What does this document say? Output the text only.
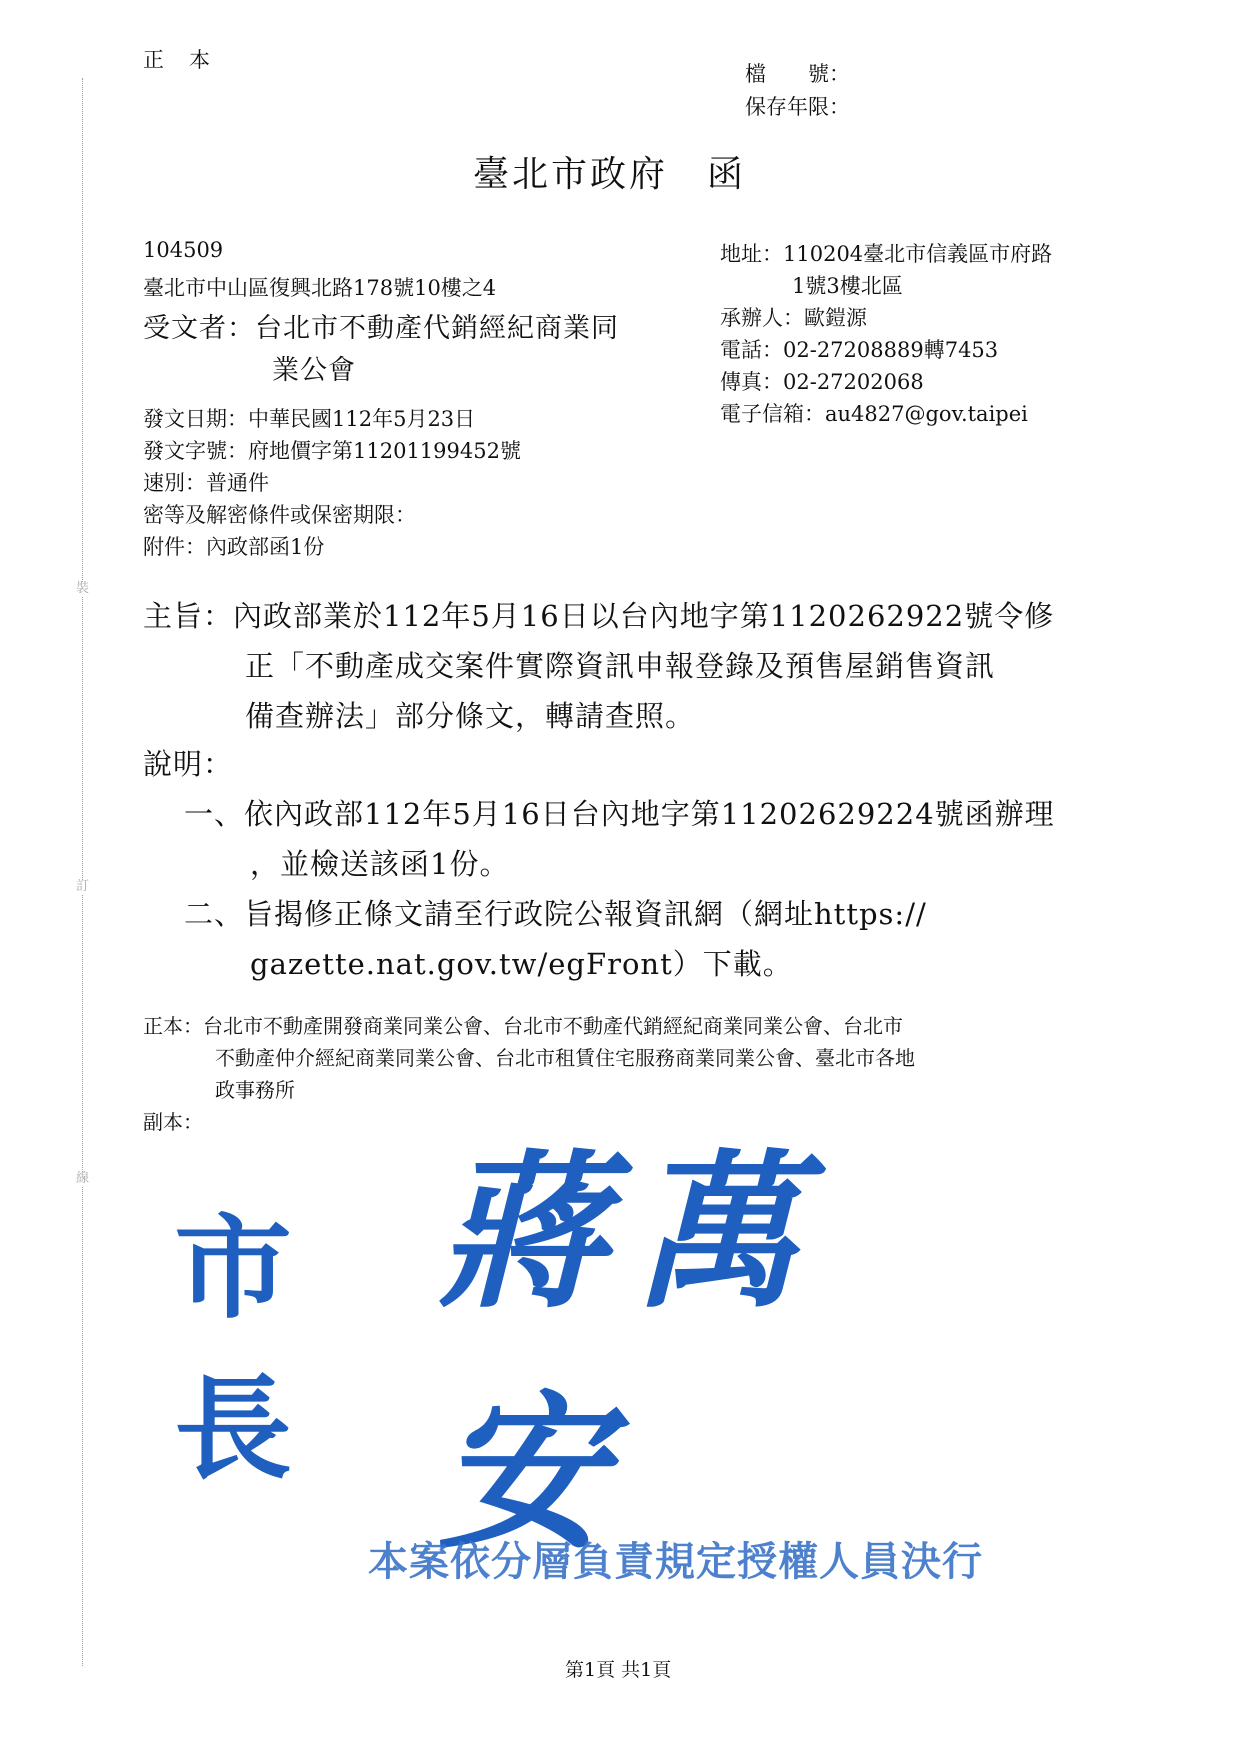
裝
訂
線
正　本
檔　　號：
保存年限：
臺北市政府　函
104509
臺北市中山區復興北路178號10樓之4
受文者：台北市不動產代銷經紀商業同
業公會
地址：110204臺北市信義區市府路
1號3樓北區
承辦人：歐鎧源
電話：02-27208889轉7453
傳真：02-27202068
電子信箱：au4827@gov.taipei
發文日期：中華民國112年5月23日
發文字號：府地價字第11201199452號
速別：普通件
密等及解密條件或保密期限：
附件：內政部函1份
主旨：內政部業於112年5月16日以台內地字第1120262922號令修
正「不動產成交案件實際資訊申報登錄及預售屋銷售資訊
備查辦法」部分條文，轉請查照。
說明：
一、依內政部112年5月16日台內地字第11202629224號函辦理
，並檢送該函1份。
二、旨揭修正條文請至行政院公報資訊網（網址https://
gazette.nat.gov.tw/egFront）下載。
正本：台北市不動產開發商業同業公會、台北市不動產代銷經紀商業同業公會、台北市
不動產仲介經紀商業同業公會、台北市租賃住宅服務商業同業公會、臺北市各地
政事務所
副本：
市長
蔣萬安
本案依分層負責規定授權人員決行
第1頁 共1頁
